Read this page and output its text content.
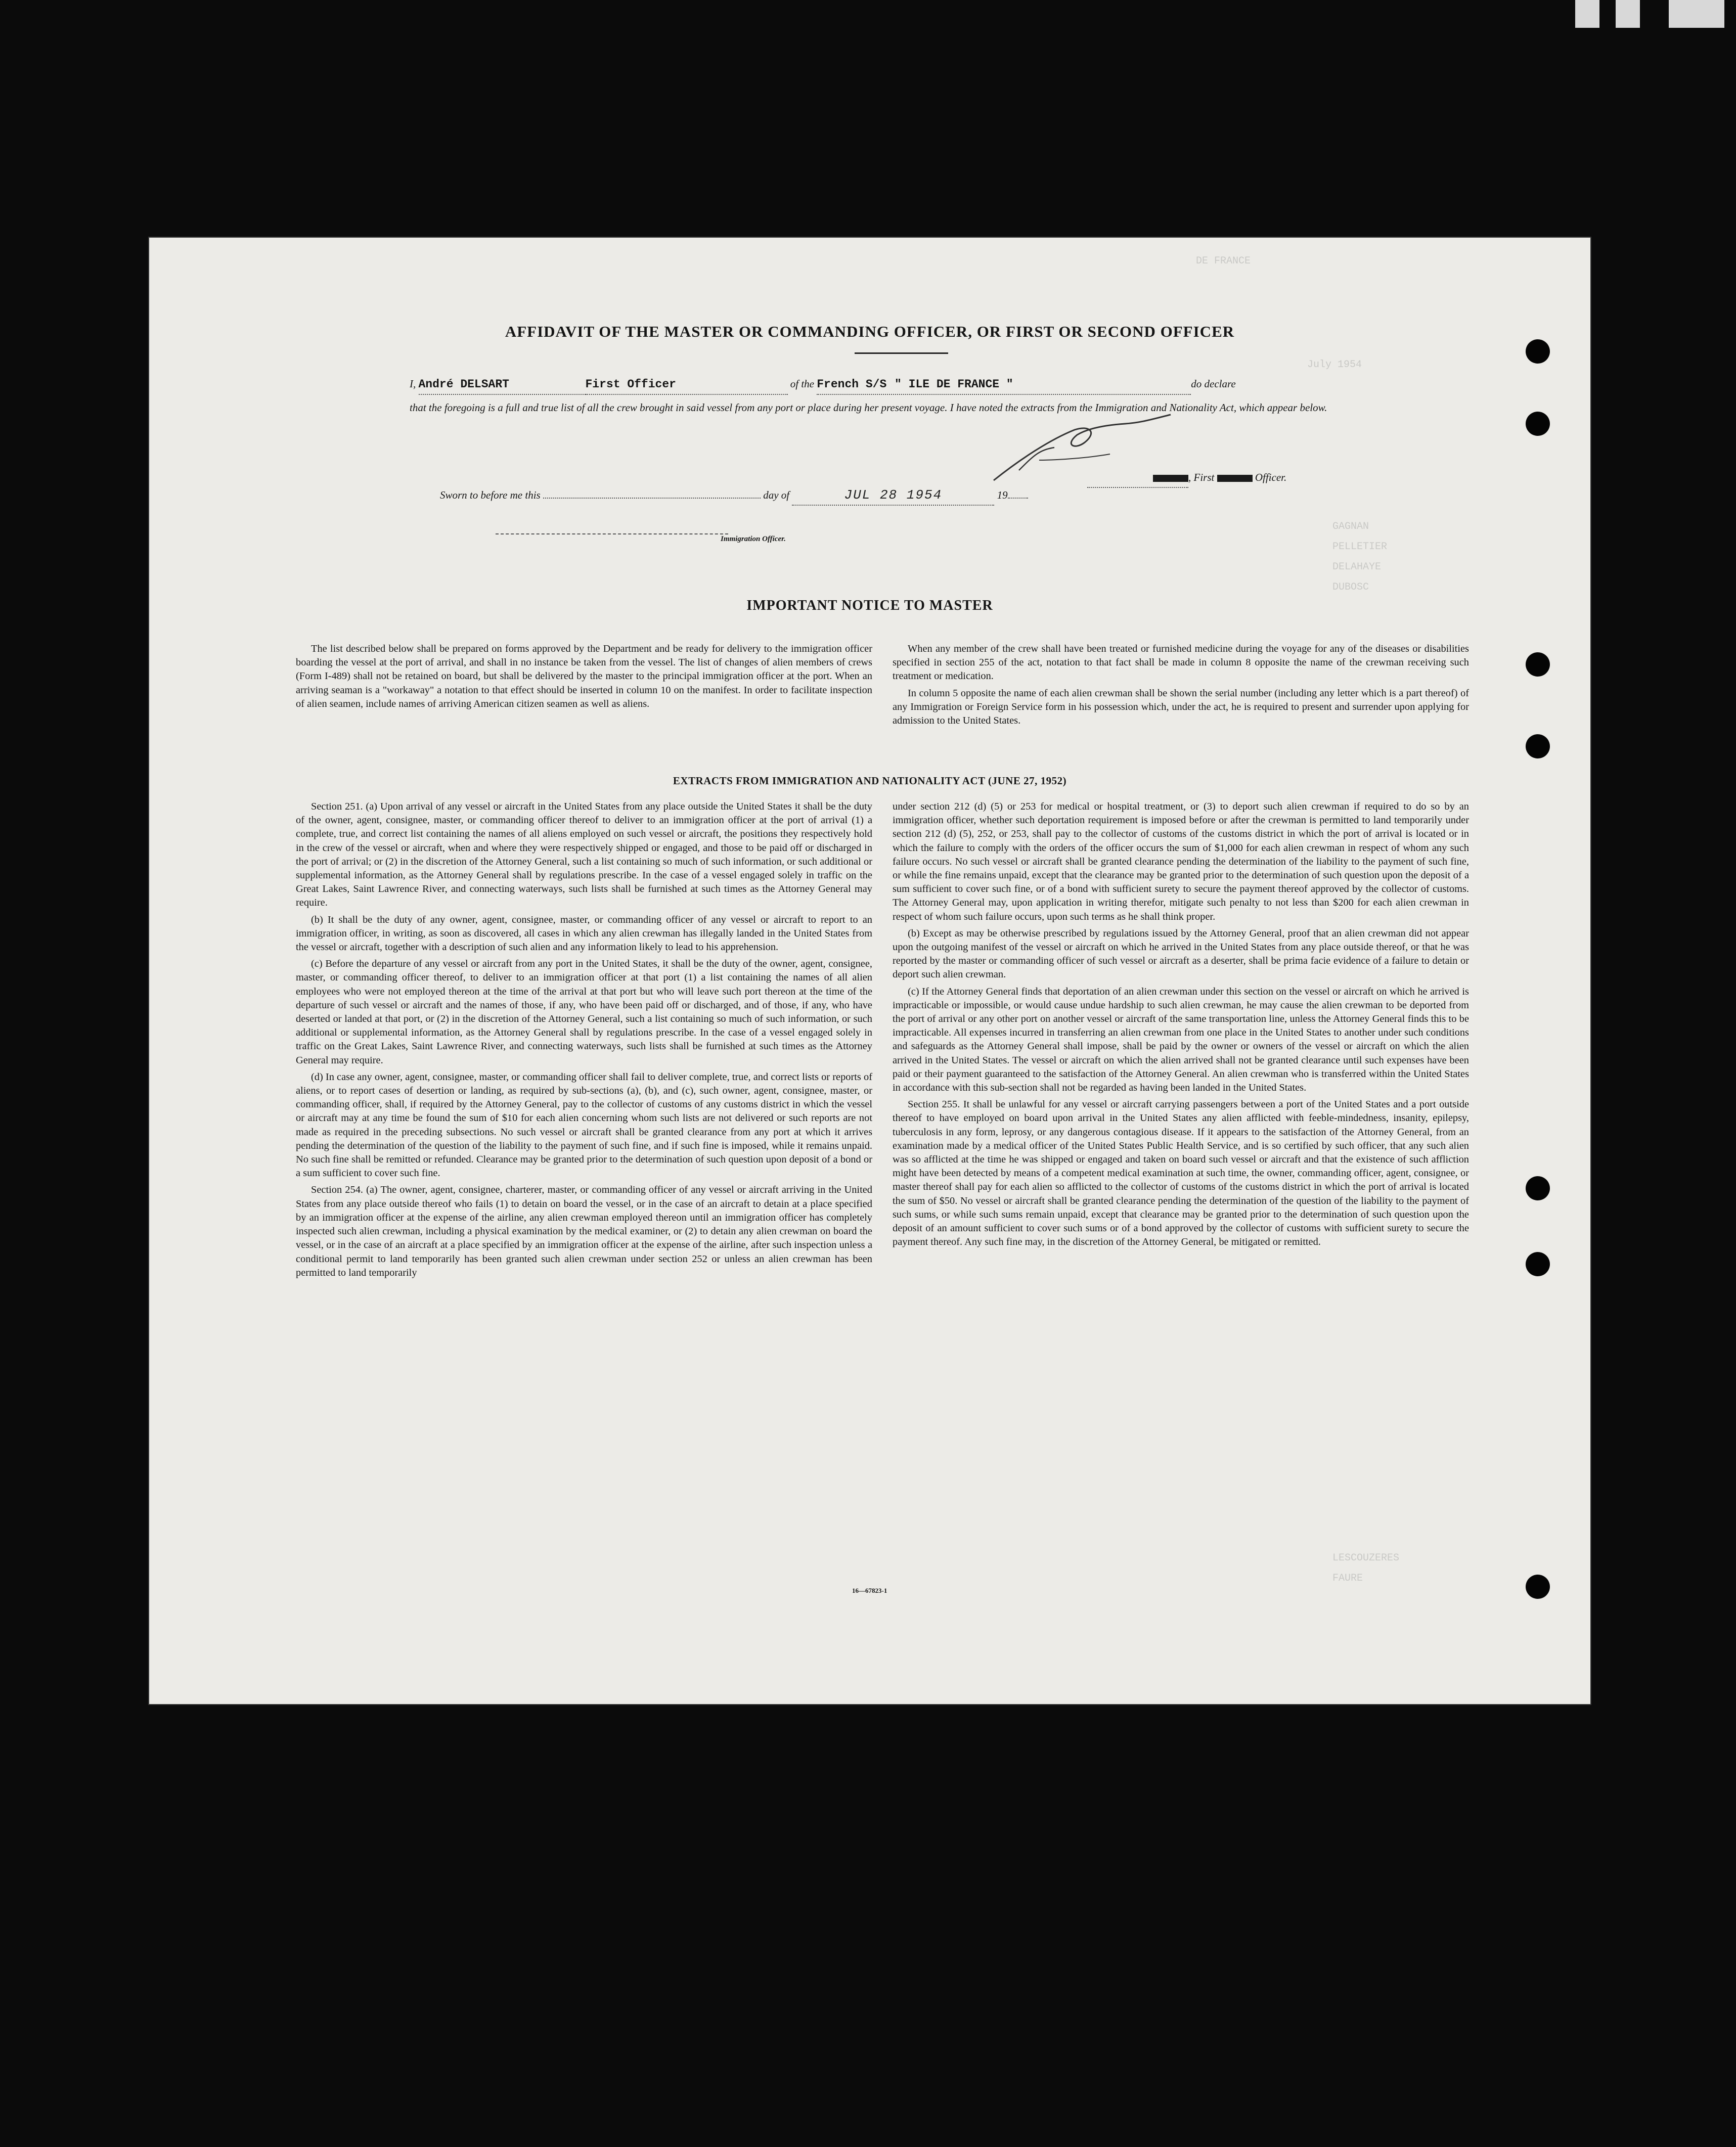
DE FRANCE
July 1954
GAGNAN
PELLETIER
DELAHAYE
DUBOSC
LESCOUZERES
FAURE
AFFIDAVIT OF THE MASTER OR COMMANDING OFFICER, OR FIRST OR SECOND OFFICER
I, André DELSART	First Officer	of the French S/S " ILE DE FRANCE "	do declare
that the foregoing is a full and true list of all the crew brought in said vessel from any port or place during her present voyage. I have noted the extracts from the Immigration and Nationality Act, which appear below.
Sworn to before me this	day of	JUL 28 1954	19
, First	Officer.
Immigration Officer.
IMPORTANT NOTICE TO MASTER

The list described below shall be prepared on forms approved by the Department and be ready for delivery to the immigration officer boarding the vessel at the port of arrival, and shall in no instance be taken from the vessel. The list of changes of alien members of crews (Form I-489) shall not be retained on board, but shall be delivered by the master to the principal immigration officer at the port. When an arriving seaman is a "workaway" a notation to that effect should be inserted in column 10 on the manifest. In order to facilitate inspection of alien seamen, include names of arriving American citizen seamen as well as aliens.

When any member of the crew shall have been treated or furnished medicine during the voyage for any of the diseases or disabilities specified in section 255 of the act, notation to that fact shall be made in column 8 opposite the name of the crewman receiving such treatment or medication.

In column 5 opposite the name of each alien crewman shall be shown the serial number (including any letter which is a part thereof) of any Immigration or Foreign Service form in his possession which, under the act, he is required to present and surrender upon applying for admission to the United States.

EXTRACTS FROM IMMIGRATION AND NATIONALITY ACT (JUNE 27, 1952)

Section 251. (a) Upon arrival of any vessel or aircraft in the United States from any place outside the United States it shall be the duty of the owner, agent, consignee, master, or commanding officer thereof to deliver to an immigration officer at the port of arrival (1) a complete, true, and correct list containing the names of all aliens employed on such vessel or aircraft, the positions they respectively hold in the crew of the vessel or aircraft, when and where they were respectively shipped or engaged, and those to be paid off or discharged in the port of arrival; or (2) in the discretion of the Attorney General, such a list containing so much of such information, or such additional or supplemental information, as the Attorney General shall by regulations prescribe. In the case of a vessel engaged solely in traffic on the Great Lakes, Saint Lawrence River, and connecting waterways, such lists shall be furnished at such times as the Attorney General may require.

(b) It shall be the duty of any owner, agent, consignee, master, or commanding officer of any vessel or aircraft to report to an immigration officer, in writing, as soon as discovered, all cases in which any alien crewman has illegally landed in the United States from the vessel or aircraft, together with a description of such alien and any information likely to lead to his apprehension.

(c) Before the departure of any vessel or aircraft from any port in the United States, it shall be the duty of the owner, agent, consignee, master, or commanding officer thereof, to deliver to an immigration officer at that port (1) a list containing the names of all alien employees who were not employed thereon at the time of the arrival at that port but who will leave such port thereon at the time of the departure of such vessel or aircraft and the names of those, if any, who have been paid off or discharged, and of those, if any, who have deserted or landed at that port, or (2) in the discretion of the Attorney General, such a list containing so much of such information, or such additional or supplemental information, as the Attorney General shall by regulations prescribe. In the case of a vessel engaged solely in traffic on the Great Lakes, Saint Lawrence River, and connecting waterways, such lists shall be furnished at such times as the Attorney General may require.

(d) In case any owner, agent, consignee, master, or commanding officer shall fail to deliver complete, true, and correct lists or reports of aliens, or to report cases of desertion or landing, as required by sub-sections (a), (b), and (c), such owner, agent, consignee, master, or commanding officer, shall, if required by the Attorney General, pay to the collector of customs of any customs district in which the vessel or aircraft may at any time be found the sum of $10 for each alien concerning whom such lists are not delivered or such reports are not made as required in the preceding subsections. No such vessel or aircraft shall be granted clearance from any port at which it arrives pending the determination of the question of the liability to the payment of such fine, and if such fine is imposed, while it remains unpaid. No such fine shall be remitted or refunded. Clearance may be granted prior to the determination of such question upon deposit of a bond or a sum sufficient to cover such fine.

Section 254. (a) The owner, agent, consignee, charterer, master, or commanding officer of any vessel or aircraft arriving in the United States from any place outside thereof who fails (1) to detain on board the vessel, or in the case of an aircraft to detain at a place specified by an immigration officer at the expense of the airline, any alien crewman employed thereon until an immigration officer has completely inspected such alien crewman, including a physical examination by the medical examiner, or (2) to detain any alien crewman on board the vessel, or in the case of an aircraft at a place specified by an immigration officer at the expense of the airline, after such inspection unless a conditional permit to land temporarily has been granted such alien crewman under section 252 or unless an alien crewman has been permitted to land temporarily

under section 212 (d) (5) or 253 for medical or hospital treatment, or (3) to deport such alien crewman if required to do so by an immigration officer, whether such deportation requirement is imposed before or after the crewman is permitted to land temporarily under section 212 (d) (5), 252, or 253, shall pay to the collector of customs of the customs district in which the port of arrival is located or in which the failure to comply with the orders of the officer occurs the sum of $1,000 for each alien crewman in respect of whom any such failure occurs. No such vessel or aircraft shall be granted clearance pending the determination of the liability to the payment of such fine, or while the fine remains unpaid, except that the clearance may be granted prior to the determination of such question upon the deposit of a sum sufficient to cover such fine, or of a bond with sufficient surety to secure the payment thereof approved by the collector of customs. The Attorney General may, upon application in writing therefor, mitigate such penalty to not less than $200 for each alien crewman in respect of whom such failure occurs, upon such terms as he shall think proper.

(b) Except as may be otherwise prescribed by regulations issued by the Attorney General, proof that an alien crewman did not appear upon the outgoing manifest of the vessel or aircraft on which he arrived in the United States from any place outside thereof, or that he was reported by the master or commanding officer of such vessel or aircraft as a deserter, shall be prima facie evidence of a failure to detain or deport such alien crewman.

(c) If the Attorney General finds that deportation of an alien crewman under this section on the vessel or aircraft on which he arrived is impracticable or impossible, or would cause undue hardship to such alien crewman, he may cause the alien crewman to be deported from the port of arrival or any other port on another vessel or aircraft of the same transportation line, unless the Attorney General finds this to be impracticable. All expenses incurred in transferring an alien crewman from one place in the United States to another under such conditions and safeguards as the Attorney General shall impose, shall be paid by the owner or owners of the vessel or aircraft on which the alien arrived in the United States. The vessel or aircraft on which the alien arrived shall not be granted clearance until such expenses have been paid or their payment guaranteed to the satisfaction of the Attorney General. An alien crewman who is transferred within the United States in accordance with this sub-section shall not be regarded as having been landed in the United States.

Section 255. It shall be unlawful for any vessel or aircraft carrying passengers between a port of the United States and a port outside thereof to have employed on board upon arrival in the United States any alien afflicted with feeble-mindedness, insanity, epilepsy, tuberculosis in any form, leprosy, or any dangerous contagious disease. If it appears to the satisfaction of the Attorney General, from an examination made by a medical officer of the United States Public Health Service, and is so certified by such officer, that any such alien was so afflicted at the time he was shipped or engaged and taken on board such vessel or aircraft and that the existence of such affliction might have been detected by means of a competent medical examination at such time, the owner, commanding officer, agent, consignee, or master thereof shall pay for each alien so afflicted to the collector of customs of the customs district in which the port of arrival is located the sum of $50. No vessel or aircraft shall be granted clearance pending the determination of the question of the liability to the payment of such sums, or while such sums remain unpaid, except that clearance may be granted prior to the determination of such question upon the deposit of an amount sufficient to cover such sums or of a bond approved by the collector of customs with sufficient surety to secure the payment thereof. Any such fine may, in the discretion of the Attorney General, be mitigated or remitted.

16—67823-1
